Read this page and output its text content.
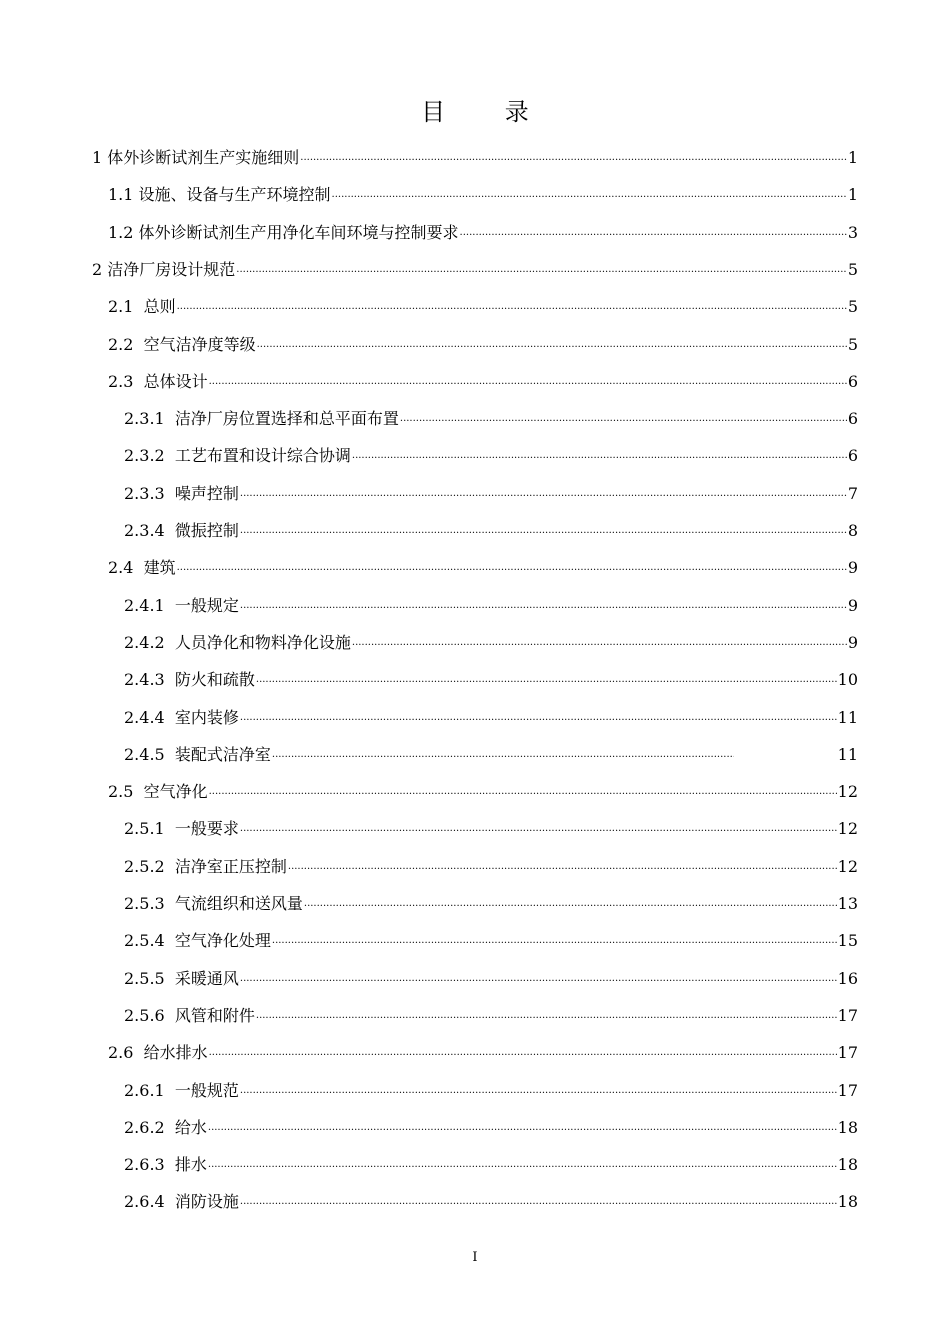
目 录
1 体外诊断试剂生产实施细则 .....	1
1.1 设施、设备与生产环境控制 .....	1
1.2 体外诊断试剂生产用净化车间环境与控制要求 .....	3
2 洁净厂房设计规范 .....	5
2.1  总则 .....	5
2.2  空气洁净度等级 .....	5
2.3  总体设计 .....	6
2.3.1  洁净厂房位置选择和总平面布置 .....	6
2.3.2  工艺布置和设计综合协调 .....	6
2.3.3  噪声控制 .....	7
2.3.4  微振控制 .....	8
2.4  建筑 .....	9
2.4.1  一般规定 .....	9
2.4.2  人员净化和物料净化设施 .....	9
2.4.3  防火和疏散 .....	10
2.4.4  室内装修 .....	11
2.4.5  装配式洁净室 .....	11
2.5  空气净化 .....	12
2.5.1  一般要求 .....	12
2.5.2  洁净室正压控制 .....	12
2.5.3  气流组织和送风量 .....	13
2.5.4  空气净化处理 .....	15
2.5.5  采暖通风 .....	16
2.5.6  风管和附件 .....	17
2.6  给水排水 .....	17
2.6.1  一般规范 .....	17
2.6.2  给水 .....	18
2.6.3  排水 .....	18
2.6.4  消防设施 .....	18
I
